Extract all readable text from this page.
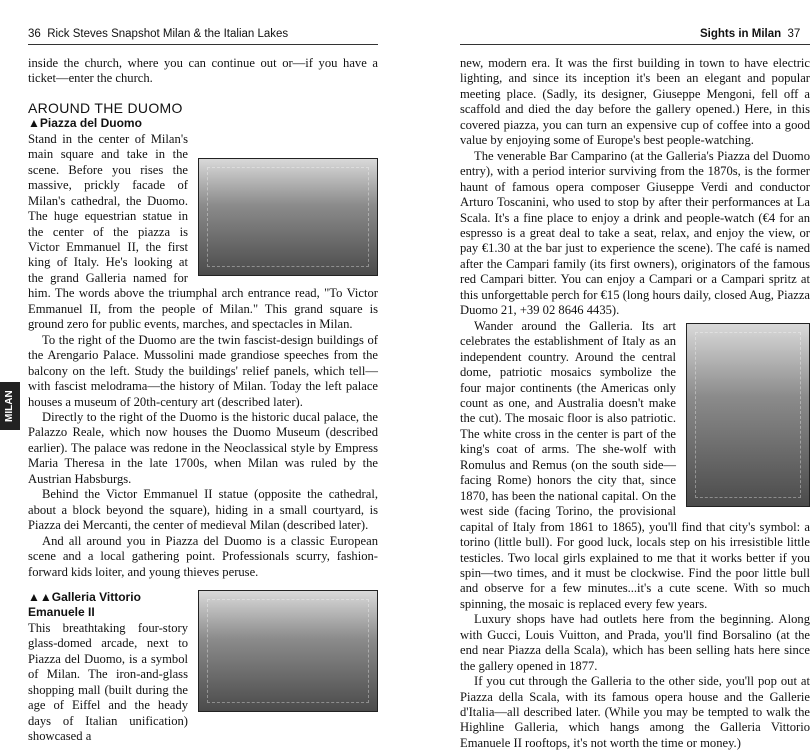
36 Rick Steves Snapshot Milan & the Italian Lakes
MILAN

inside the church, where you can continue out or—if you have a ticket—enter the church.

AROUND THE DUOMO
▲Piazza del Duomo

Stand in the center of Milan's main square and take in the scene. Before you rises the massive, prickly facade of Milan's cathedral, the Duomo. The huge equestrian statue in the center of the piazza is Victor Emmanuel II, the first king of Italy. He's looking at the grand Galleria named for him. The words above the triumphal arch entrance read, "To Victor Emmanuel II, from the people of Milan." This grand square is ground zero for public events, marches, and spectacles in Milan.

To the right of the Duomo are the twin fascist-design buildings of the Arengario Palace. Mussolini made grandiose speeches from the balcony on the left. Study the buildings' relief panels, which tell—with fascist melodrama—the history of Milan. Today the left palace houses a museum of 20th-century art (described later).

Directly to the right of the Duomo is the historic ducal palace, the Palazzo Reale, which now houses the Duomo Museum (described earlier). The palace was redone in the Neoclassical style by Empress Maria Theresa in the late 1700s, when Milan was ruled by the Austrian Habsburgs.

Behind the Victor Emmanuel II statue (opposite the cathedral, about a block beyond the square), hiding in a small courtyard, is Piazza dei Mercanti, the center of medieval Milan (described later).

And all around you in Piazza del Duomo is a classic European scene and a local gathering point. Professionals scurry, fashion-forward kids loiter, and young thieves peruse.

▲▲Galleria Vittorio Emanuele II

This breathtaking four-story glass-domed arcade, next to Piazza del Duomo, is a symbol of Milan. The iron-and-glass shopping mall (built during the age of Eiffel and the heady days of Italian unification) showcased a

Sights in Milan 37

new, modern era. It was the first building in town to have electric lighting, and since its inception it's been an elegant and popular meeting place. (Sadly, its designer, Giuseppe Mengoni, fell off a scaffold and died the day before the gallery opened.) Here, in this covered piazza, you can turn an expensive cup of coffee into a good value by enjoying some of Europe's best people-watching.

The venerable Bar Camparino (at the Galleria's Piazza del Duomo entry), with a period interior surviving from the 1870s, is the former haunt of famous opera composer Giuseppe Verdi and conductor Arturo Toscanini, who used to stop by after their performances at La Scala. It's a fine place to enjoy a drink and people-watch (€4 for an espresso is a great deal to take a seat, relax, and enjoy the view, or pay €1.30 at the bar just to experience the scene). The café is named after the Campari family (its first owners), originators of the famous red Campari bitter. You can enjoy a Campari or a Campari spritz at this unforgettable perch for €15 (long hours daily, closed Aug, Piazza Duomo 21, +39 02 8646 4435).

Wander around the Galleria. Its art celebrates the establishment of Italy as an independent country. Around the central dome, patriotic mosaics symbolize the four major continents (the Americas only count as one, and Australia doesn't make the cut). The mosaic floor is also patriotic. The white cross in the center is part of the king's coat of arms. The she-wolf with Romulus and Remus (on the south side—facing Rome) honors the city that, since 1870, has been the national capital. On the west side (facing Torino, the provisional capital of Italy from 1861 to 1865), you'll find that city's symbol: a torino (little bull). For good luck, locals step on his irresistible little testicles. Two local girls explained to me that it works better if you spin—two times, and it must be clockwise. Find the poor little bull and observe for a few minutes...it's a cute scene. With so much spinning, the mosaic is replaced every few years.

Luxury shops have had outlets here from the beginning. Along with Gucci, Louis Vuitton, and Prada, you'll find Borsalino (at the end near Piazza della Scala), which has been selling hats here since the gallery opened in 1877.

If you cut through the Galleria to the other side, you'll pop out at Piazza della Scala, with its famous opera house and the Gallerie d'Italia—all described later. (While you may be tempted to walk the Highline Galleria, which hangs among the Galleria Vittorio Emanuele II rooftops, it's not worth the time or money.)
